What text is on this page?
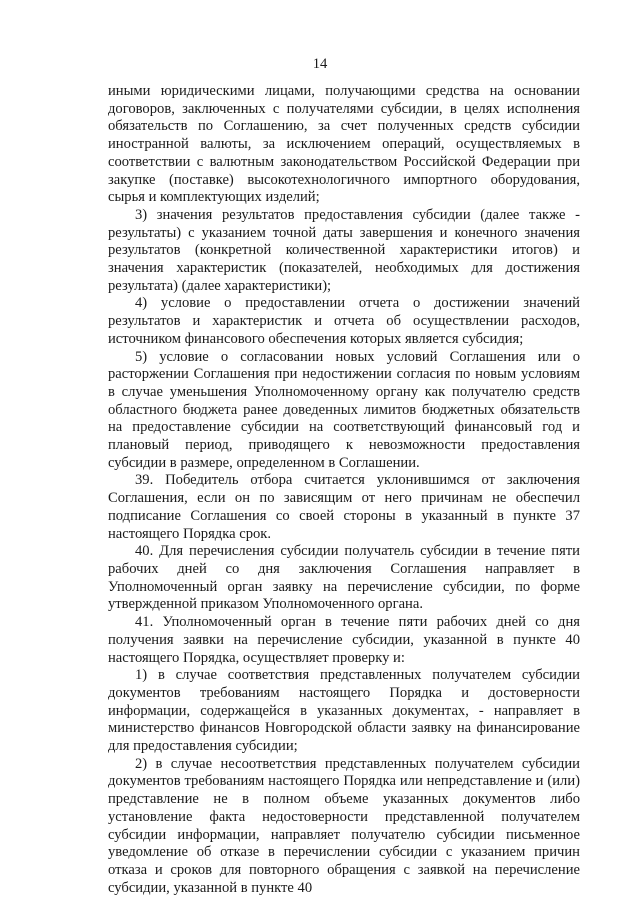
14

иными юридическими лицами, получающими средства на основании договоров, заключенных с получателями субсидии, в целях исполнения обязательств по Соглашению, за счет полученных средств субсидии иностранной валюты, за исключением операций, осуществляемых в соответствии с валютным законодательством Российской Федерации при закупке (поставке) высокотехнологичного импортного оборудования, сырья и комплектующих изделий;

3) значения результатов предоставления субсидии (далее также - результаты) с указанием точной даты завершения и конечного значения результатов (конкретной количественной характеристики итогов) и значения характеристик (показателей, необходимых для достижения результата) (далее характеристики);

4) условие о предоставлении отчета о достижении значений результатов и характеристик и отчета об осуществлении расходов, источником финансового обеспечения которых является субсидия;

5) условие о согласовании новых условий Соглашения или о расторжении Соглашения при недостижении согласия по новым условиям в случае уменьшения Уполномоченному органу как получателю средств областного бюджета ранее доведенных лимитов бюджетных обязательств на предоставление субсидии на соответствующий финансовый год и плановый период, приводящего к невозможности предоставления субсидии в размере, определенном в Соглашении.

39. Победитель отбора считается уклонившимся от заключения Соглашения, если он по зависящим от него причинам не обеспечил подписание Соглашения со своей стороны в указанный в пункте 37 настоящего Порядка срок.

40. Для перечисления субсидии получатель субсидии в течение пяти рабочих дней со дня заключения Соглашения направляет в Уполномоченный орган заявку на перечисление субсидии, по форме утвержденной приказом Уполномоченного органа.

41. Уполномоченный орган в течение пяти рабочих дней со дня получения заявки на перечисление субсидии, указанной в пункте 40 настоящего Порядка, осуществляет проверку и:

1) в случае соответствия представленных получателем субсидии документов требованиям настоящего Порядка и достоверности информации, содержащейся в указанных документах, - направляет в министерство финансов Новгородской области заявку на финансирование для предоставления субсидии;

2) в случае несоответствия представленных получателем субсидии документов требованиям настоящего Порядка или непредставление и (или) представление не в полном объеме указанных документов либо установление факта недостоверности представленной получателем субсидии информации, направляет получателю субсидии письменное уведомление об отказе в перечислении субсидии с указанием причин отказа и сроков для повторного обращения с заявкой на перечисление субсидии, указанной в пункте 40
